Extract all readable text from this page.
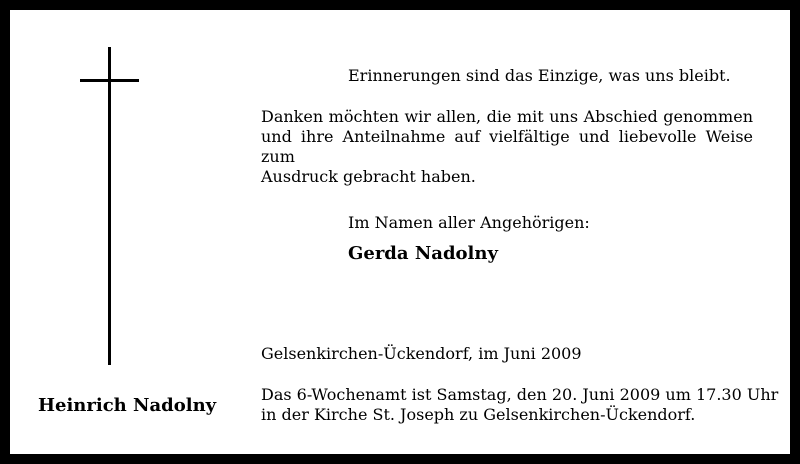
Heinrich Nadolny
Erinnerungen sind das Einzige, was uns bleibt.
Danken möchten wir allen, die mit uns Abschied genommen
und ihre Anteilnahme auf vielfältige und liebevolle Weise zum
Ausdruck gebracht haben.
Im Namen aller Angehörigen:
Gerda Nadolny
Gelsenkirchen-Ückendorf, im Juni 2009
Das 6-Wochenamt ist Samstag, den 20. Juni 2009 um 17.30 Uhr
in der Kirche St. Joseph zu Gelsenkirchen-Ückendorf.
